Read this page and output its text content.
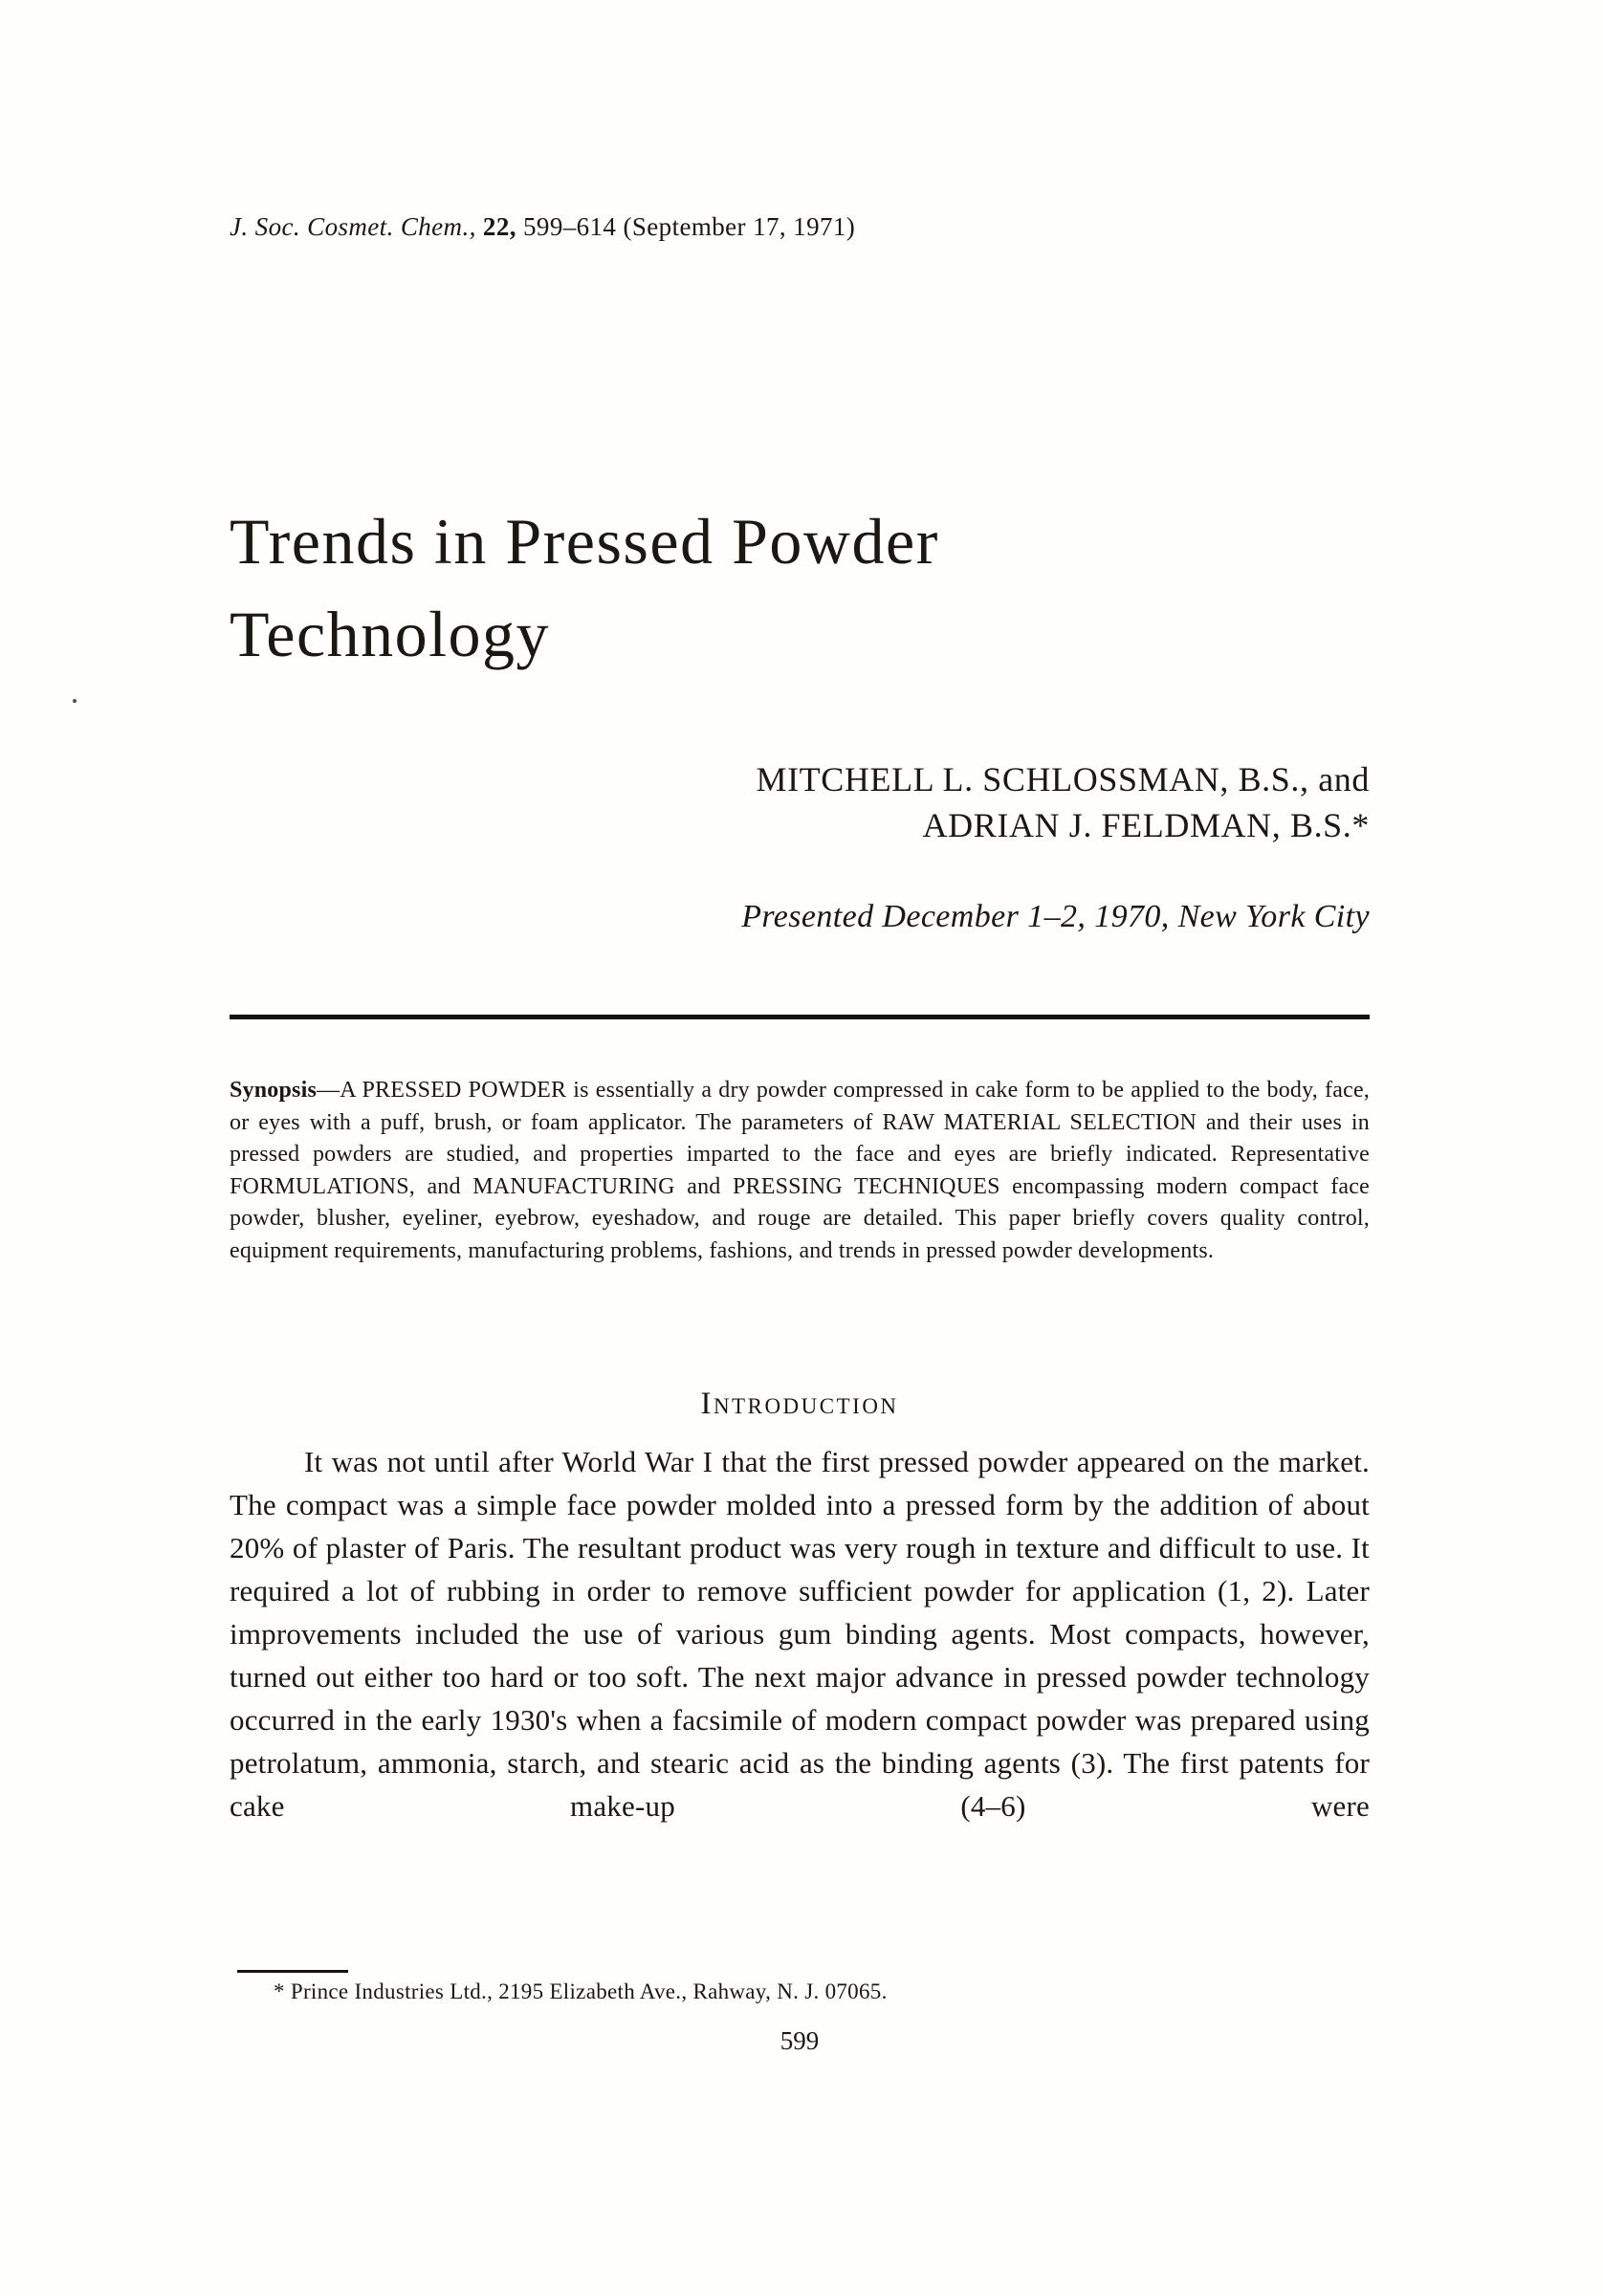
J. Soc. Cosmet. Chem., 22, 599–614 (September 17, 1971)
Trends in Pressed Powder
Technology
MITCHELL L. SCHLOSSMAN, B.S., and
ADRIAN J. FELDMAN, B.S.*
Presented December 1–2, 1970, New York City

Synopsis—A PRESSED POWDER is essentially a dry powder compressed in cake form to be applied to the body, face, or eyes with a puff, brush, or foam applicator. The parameters of RAW MATERIAL SELECTION and their uses in pressed powders are studied, and properties imparted to the face and eyes are briefly indicated. Representative FORMULATIONS, and MANUFACTURING and PRESSING TECHNIQUES encompassing modern compact face powder, blusher, eyeliner, eyebrow, eyeshadow, and rouge are detailed. This paper briefly covers quality control, equipment requirements, manufacturing problems, fashions, and trends in pressed powder developments.

Introduction

It was not until after World War I that the first pressed powder appeared on the market. The compact was a simple face powder molded into a pressed form by the addition of about 20% of plaster of Paris. The resultant product was very rough in texture and difficult to use. It required a lot of rubbing in order to remove sufficient powder for application (1, 2). Later improvements included the use of various gum binding agents. Most compacts, however, turned out either too hard or too soft. The next major advance in pressed powder technology occurred in the early 1930's when a facsimile of modern compact powder was prepared using petrolatum, ammonia, starch, and stearic acid as the binding agents (3). The first patents for cake make-up (4–6) were

* Prince Industries Ltd., 2195 Elizabeth Ave., Rahway, N. J. 07065.
599
